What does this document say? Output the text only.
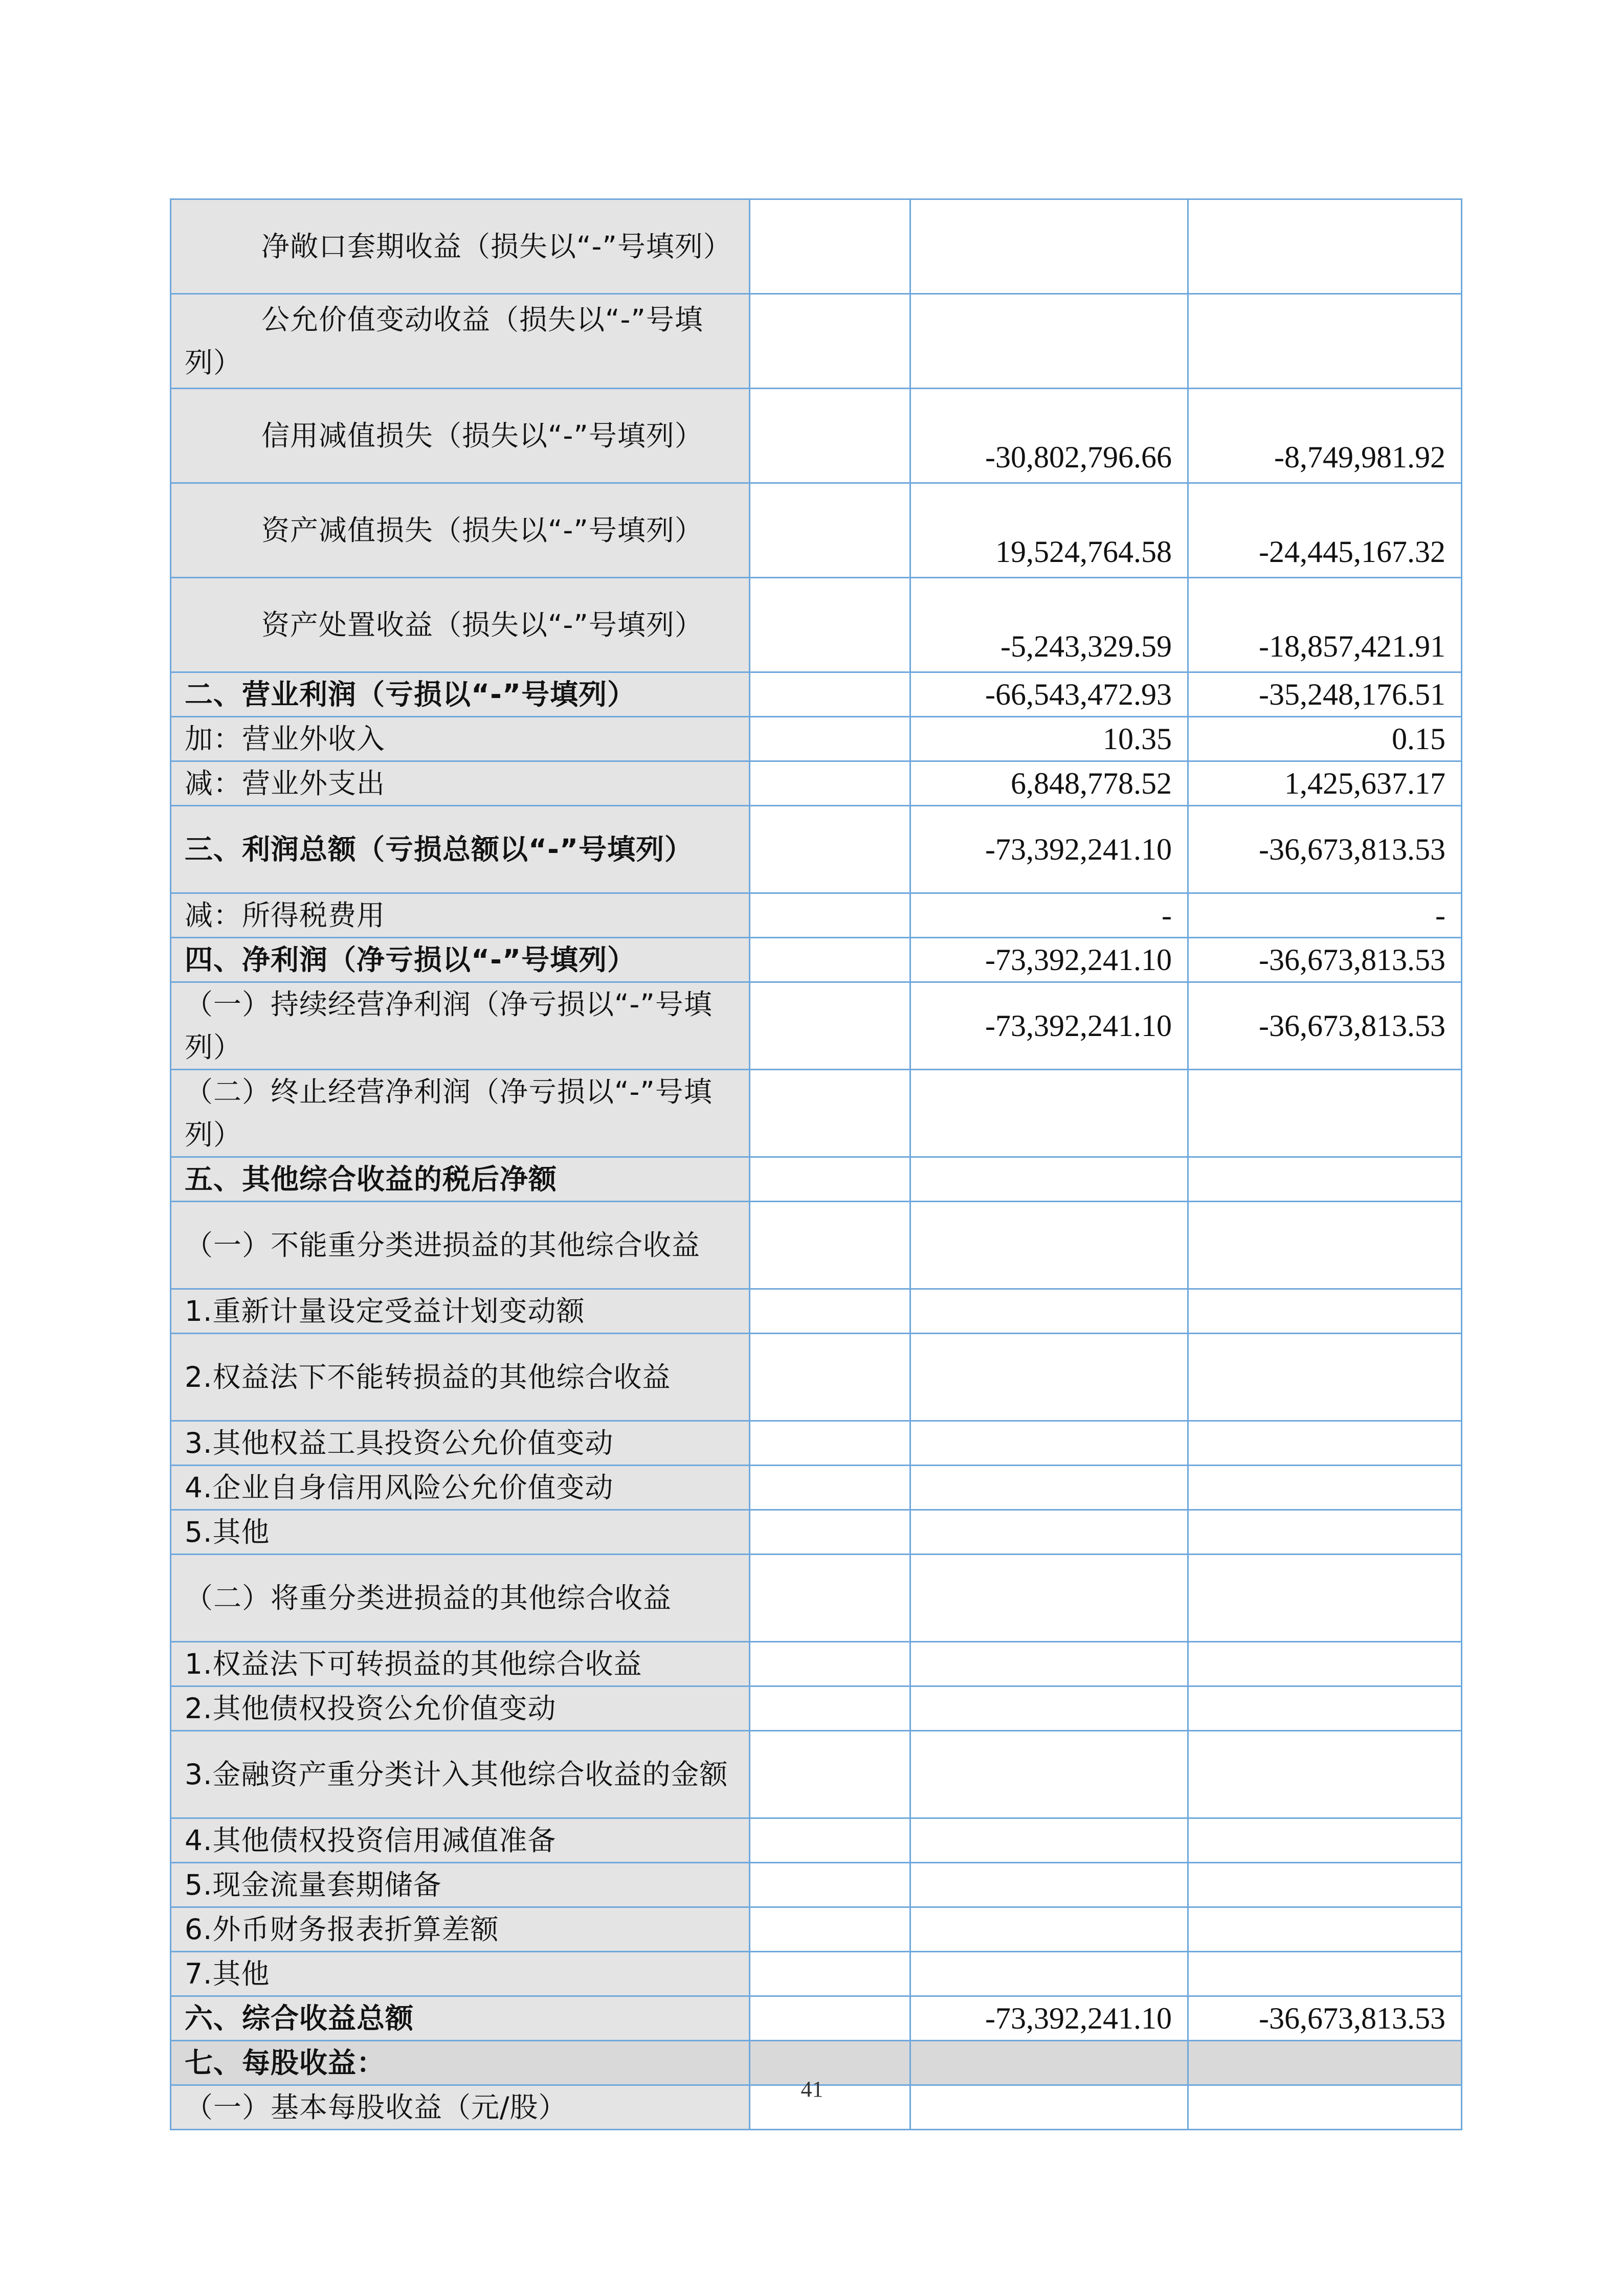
净敞口套期收益（损失以“-”号填列）			
公允价值变动收益（损失以“-”号填列）			
信用减值损失（损失以“-”号填列）		-30,802,796.66	-8,749,981.92
资产减值损失（损失以“-”号填列）		19,524,764.58	-24,445,167.32
资产处置收益（损失以“-”号填列）		-5,243,329.59	-18,857,421.91
二、营业利润（亏损以“-”号填列）		-66,543,472.93	-35,248,176.51
加：营业外收入		10.35	0.15
减：营业外支出		6,848,778.52	1,425,637.17
三、利润总额（亏损总额以“-”号填列）		-73,392,241.10	-36,673,813.53
减：所得税费用		-	-
四、净利润（净亏损以“-”号填列）		-73,392,241.10	-36,673,813.53
（一）持续经营净利润（净亏损以“-”号填列）		-73,392,241.10	-36,673,813.53
（二）终止经营净利润（净亏损以“-”号填列）			
五、其他综合收益的税后净额			
（一）不能重分类进损益的其他综合收益			
1.重新计量设定受益计划变动额			
2.权益法下不能转损益的其他综合收益			
3.其他权益工具投资公允价值变动			
4.企业自身信用风险公允价值变动			
5.其他			
（二）将重分类进损益的其他综合收益			
1.权益法下可转损益的其他综合收益			
2.其他债权投资公允价值变动			
3.金融资产重分类计入其他综合收益的金额			
4.其他债权投资信用减值准备			
5.现金流量套期储备			
6.外币财务报表折算差额			
7.其他			
六、综合收益总额		-73,392,241.10	-36,673,813.53
七、每股收益：			
（一）基本每股收益（元/股）			
41
